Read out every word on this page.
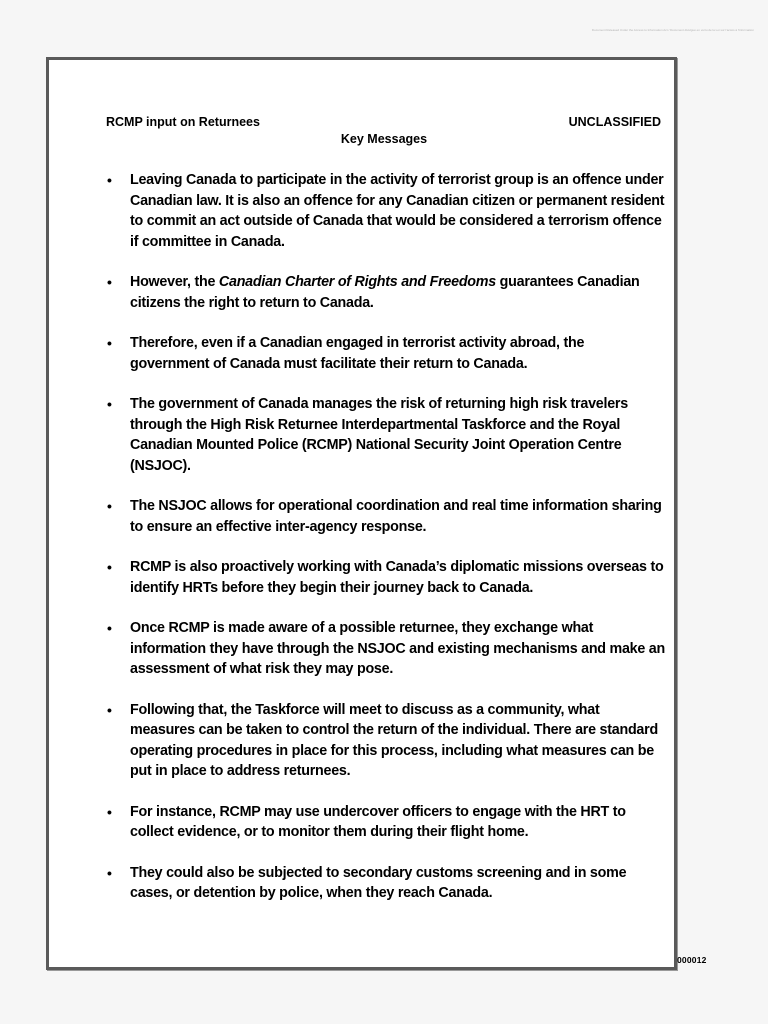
Document Released Under the Access to Information Act / Document divulgué en vertu de la Loi sur l'accès à l'information
RCMP input on Returnees	UNCLASSIFIED
Key Messages
• Leaving Canada to participate in the activity of terrorist group is an offence under Canadian law. It is also an offence for any Canadian citizen or permanent resident to commit an act outside of Canada that would be considered a terrorism offence if committee in Canada.
• However, the Canadian Charter of Rights and Freedoms guarantees Canadian citizens the right to return to Canada.
• Therefore, even if a Canadian engaged in terrorist activity abroad, the government of Canada must facilitate their return to Canada.
• The government of Canada manages the risk of returning high risk travelers through the High Risk Returnee Interdepartmental Taskforce and the Royal Canadian Mounted Police (RCMP) National Security Joint Operation Centre (NSJOC).
• The NSJOC allows for operational coordination and real time information sharing to ensure an effective inter-agency response.
• RCMP is also proactively working with Canada’s diplomatic missions overseas to identify HRTs before they begin their journey back to Canada.
• Once RCMP is made aware of a possible returnee, they exchange what information they have through the NSJOC and existing mechanisms and make an assessment of what risk they may pose.
• Following that, the Taskforce will meet to discuss as a community, what measures can be taken to control the return of the individual. There are standard operating procedures in place for this process, including what measures can be put in place to address returnees.
• For instance, RCMP may use undercover officers to engage with the HRT to collect evidence, or to monitor them during their flight home.
• They could also be subjected to secondary customs screening and in some cases, or detention by police, when they reach Canada.
000012
